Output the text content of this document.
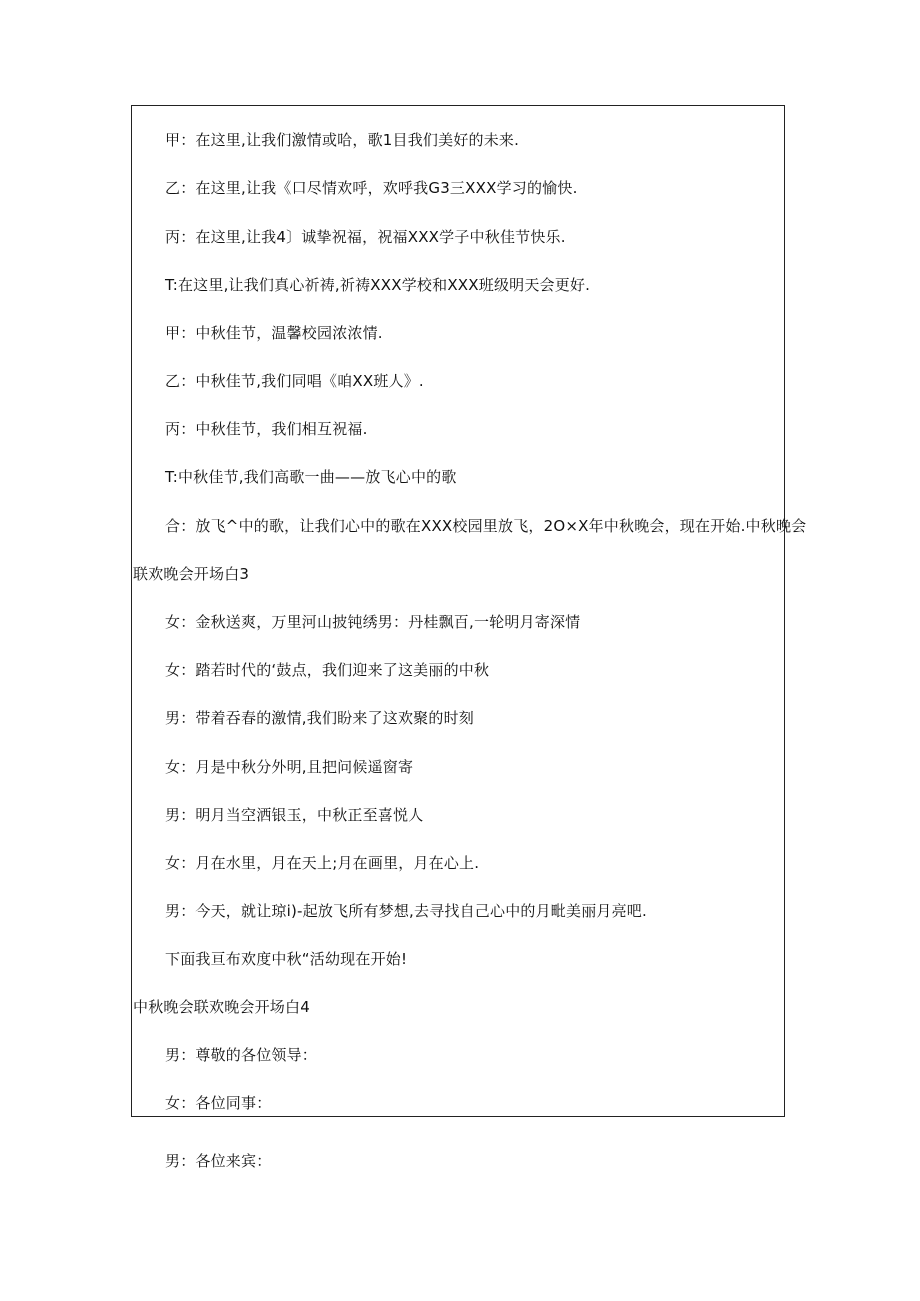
甲：在这里,让我们激情或哈，歌1目我们美好的未来.
乙：在这里,让我《口尽情欢呼，欢呼我G3三XXX学习的愉快.
丙：在这里,让我4〕诚挚祝福，祝福XXX学子中秋佳节快乐.
T:在这里,让我们真心祈祷,祈祷XXX学校和XXX班级明天会更好.
甲：中秋佳节，温馨校园浓浓情.
乙：中秋佳节,我们同唱《咱XX班人》.
丙：中秋佳节，我们相互祝福.
T:中秋佳节,我们高歌一曲——放飞心中的歌
合：放飞^中的歌，让我们心中的歌在XXX校园里放飞，2O×X年中秋晚会，现在开始.中秋晚会
联欢晚会开场白3
女：金秋送爽，万里河山披钝绣男：丹桂飘百,一轮明月寄深情
女：踏若时代的‘鼓点，我们迎来了这美丽的中秋
男：带着吞春的激情,我们盼来了这欢聚的时刻
女：月是中秋分外明,且把问候遥窗寄
男：明月当空洒银玉，中秋正至喜悦人
女：月在水里，月在天上;月在画里，月在心上.
男：今天，就让琼i)-起放飞所有梦想,去寻找自己心中的月毗美丽月亮吧.
下面我亘布欢度中秋“活幼现在开始!
中秋晚会联欢晚会开场白4
男：尊敬的各位领导：
女：各位同事：
男：各位来宾：
